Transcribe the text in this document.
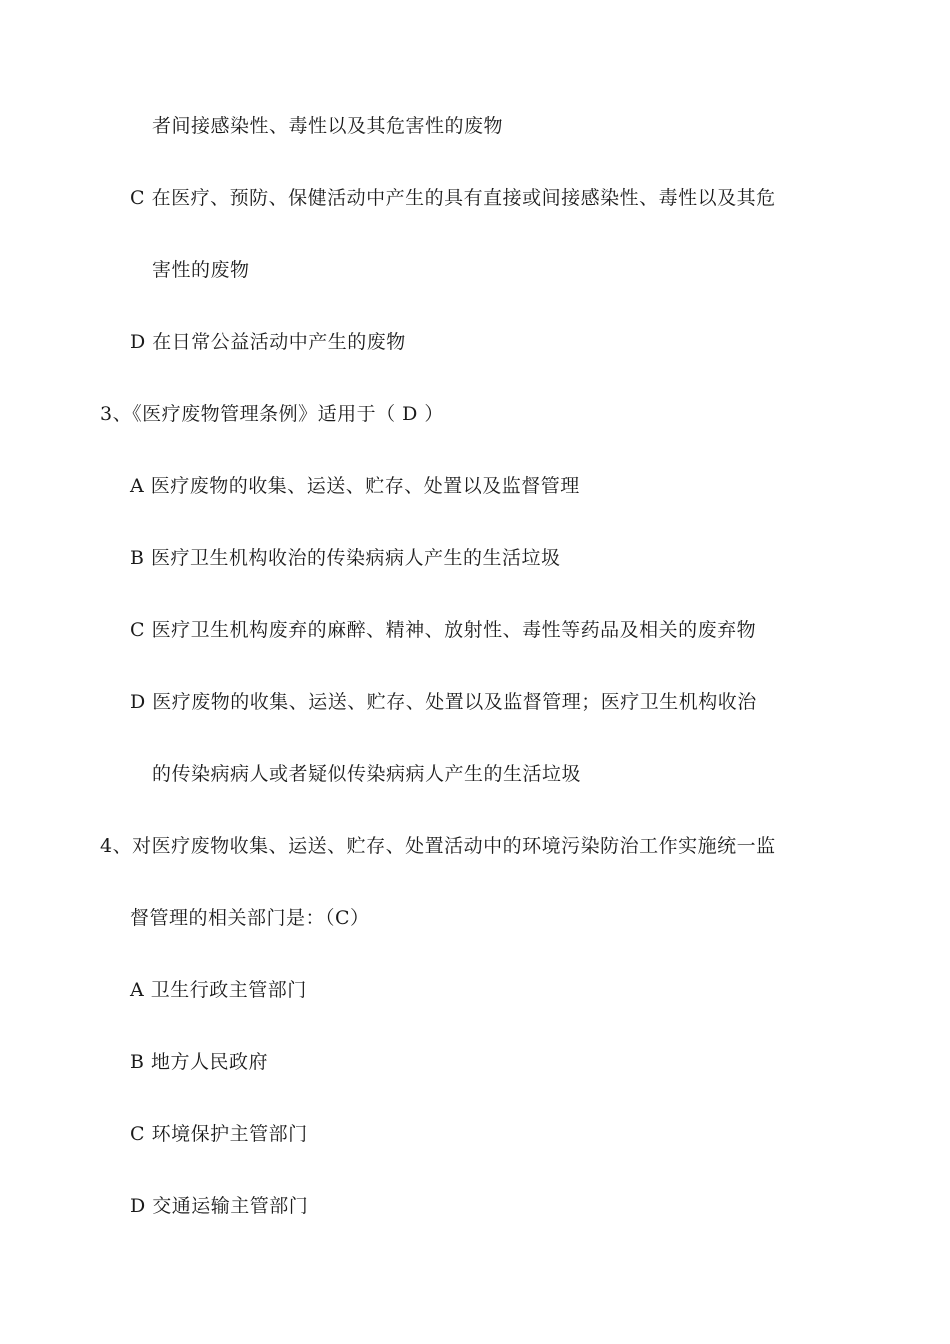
者间接感染性、毒性以及其危害性的废物
C 在医疗、预防、保健活动中产生的具有直接或间接感染性、毒性以及其危
害性的废物
D 在日常公益活动中产生的废物
3、《医疗废物管理条例》适用于（ D ）
A 医疗废物的收集、运送、贮存、处置以及监督管理
B 医疗卫生机构收治的传染病病人产生的生活垃圾
C 医疗卫生机构废弃的麻醉、精神、放射性、毒性等药品及相关的废弃物
D 医疗废物的收集、运送、贮存、处置以及监督管理；医疗卫生机构收治
的传染病病人或者疑似传染病病人产生的生活垃圾
4、对医疗废物收集、运送、贮存、处置活动中的环境污染防治工作实施统一监
督管理的相关部门是：（C）
A 卫生行政主管部门
B 地方人民政府
C 环境保护主管部门
D 交通运输主管部门
